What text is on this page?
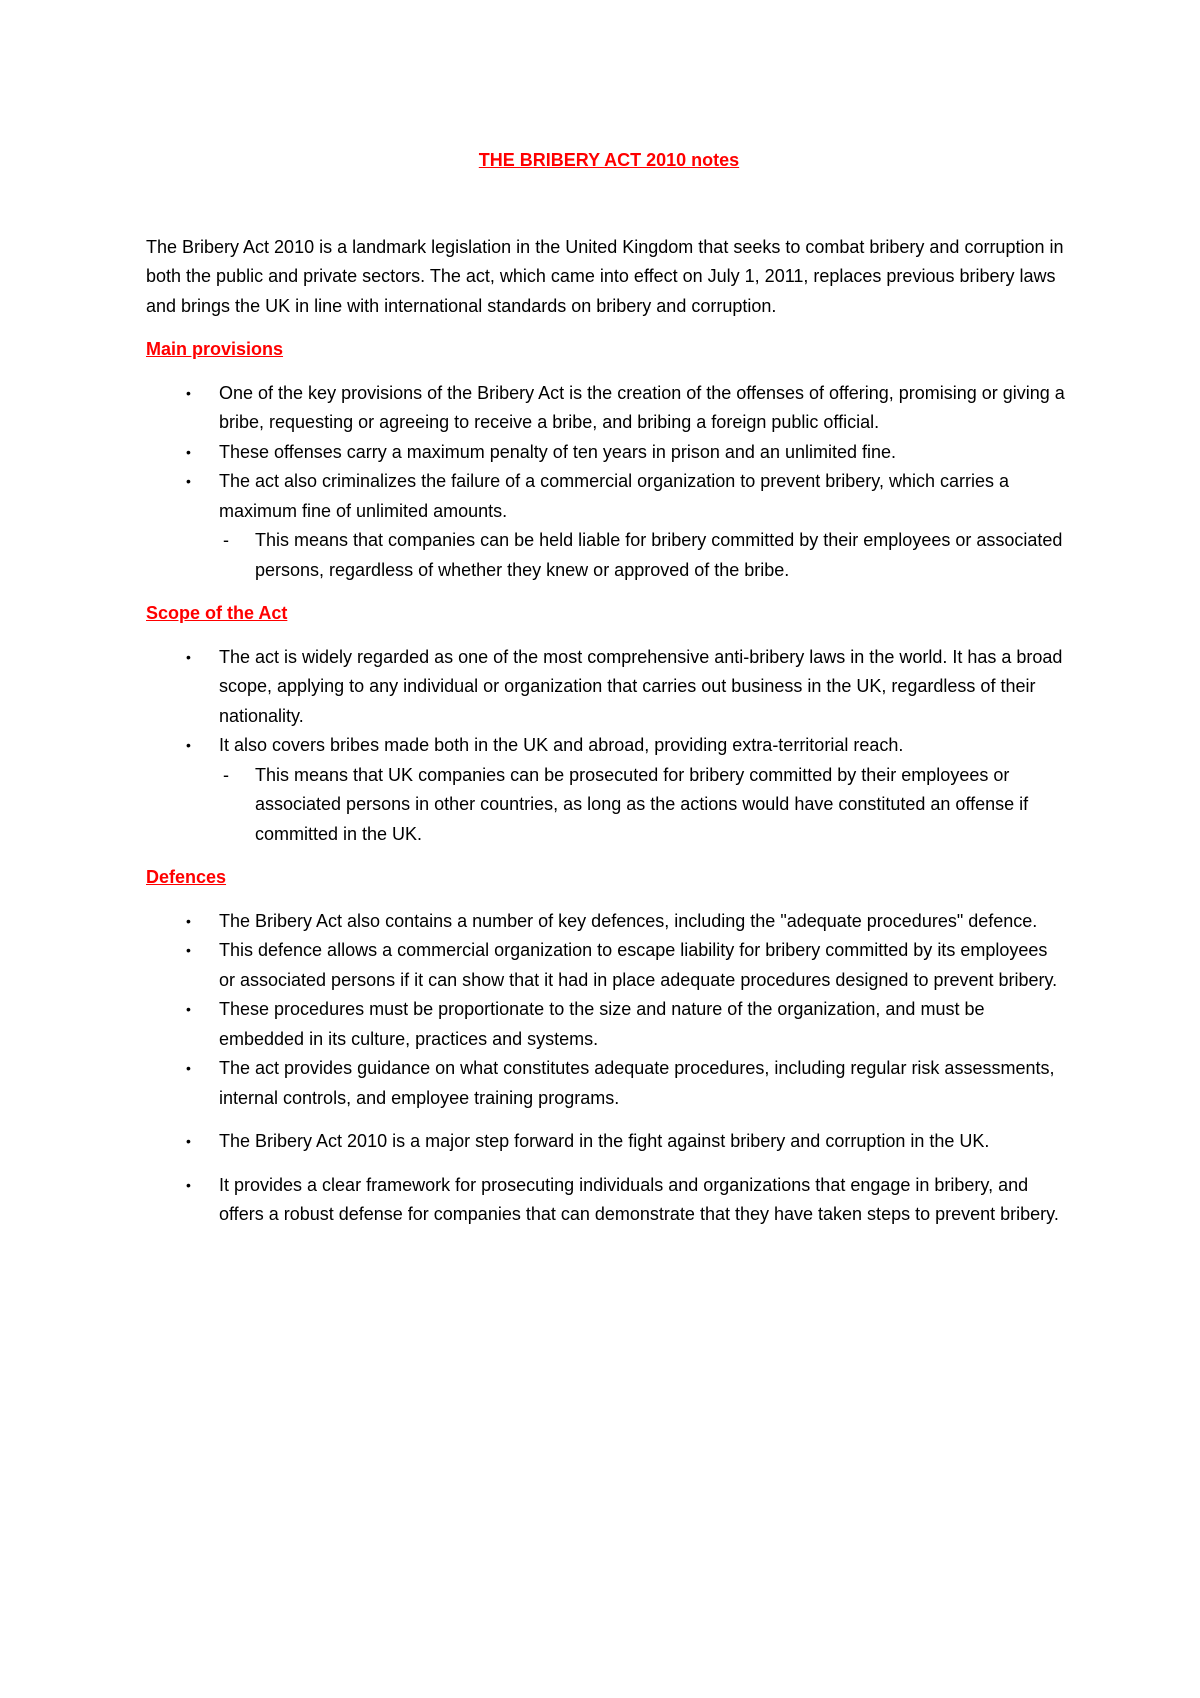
THE BRIBERY ACT 2010 notes

The Bribery Act 2010 is a landmark legislation in the United Kingdom that seeks to combat bribery and corruption in both the public and private sectors. The act, which came into effect on July 1, 2011, replaces previous bribery laws and brings the UK in line with international standards on bribery and corruption.

Main provisions
• One of the key provisions of the Bribery Act is the creation of the offenses of offering, promising or giving a bribe, requesting or agreeing to receive a bribe, and bribing a foreign public official.
• These offenses carry a maximum penalty of ten years in prison and an unlimited fine.
• The act also criminalizes the failure of a commercial organization to prevent bribery, which carries a maximum fine of unlimited amounts.
- This means that companies can be held liable for bribery committed by their employees or associated persons, regardless of whether they knew or approved of the bribe.
Scope of the Act
• The act is widely regarded as one of the most comprehensive anti-bribery laws in the world. It has a broad scope, applying to any individual or organization that carries out business in the UK, regardless of their nationality.
• It also covers bribes made both in the UK and abroad, providing extra-territorial reach.
- This means that UK companies can be prosecuted for bribery committed by their employees or associated persons in other countries, as long as the actions would have constituted an offense if committed in the UK.
Defences
• The Bribery Act also contains a number of key defences, including the "adequate procedures" defence.
• This defence allows a commercial organization to escape liability for bribery committed by its employees or associated persons if it can show that it had in place adequate procedures designed to prevent bribery.
• These procedures must be proportionate to the size and nature of the organization, and must be embedded in its culture, practices and systems.
• The act provides guidance on what constitutes adequate procedures, including regular risk assessments, internal controls, and employee training programs.
• The Bribery Act 2010 is a major step forward in the fight against bribery and corruption in the UK.
• It provides a clear framework for prosecuting individuals and organizations that engage in bribery, and offers a robust defense for companies that can demonstrate that they have taken steps to prevent bribery.
